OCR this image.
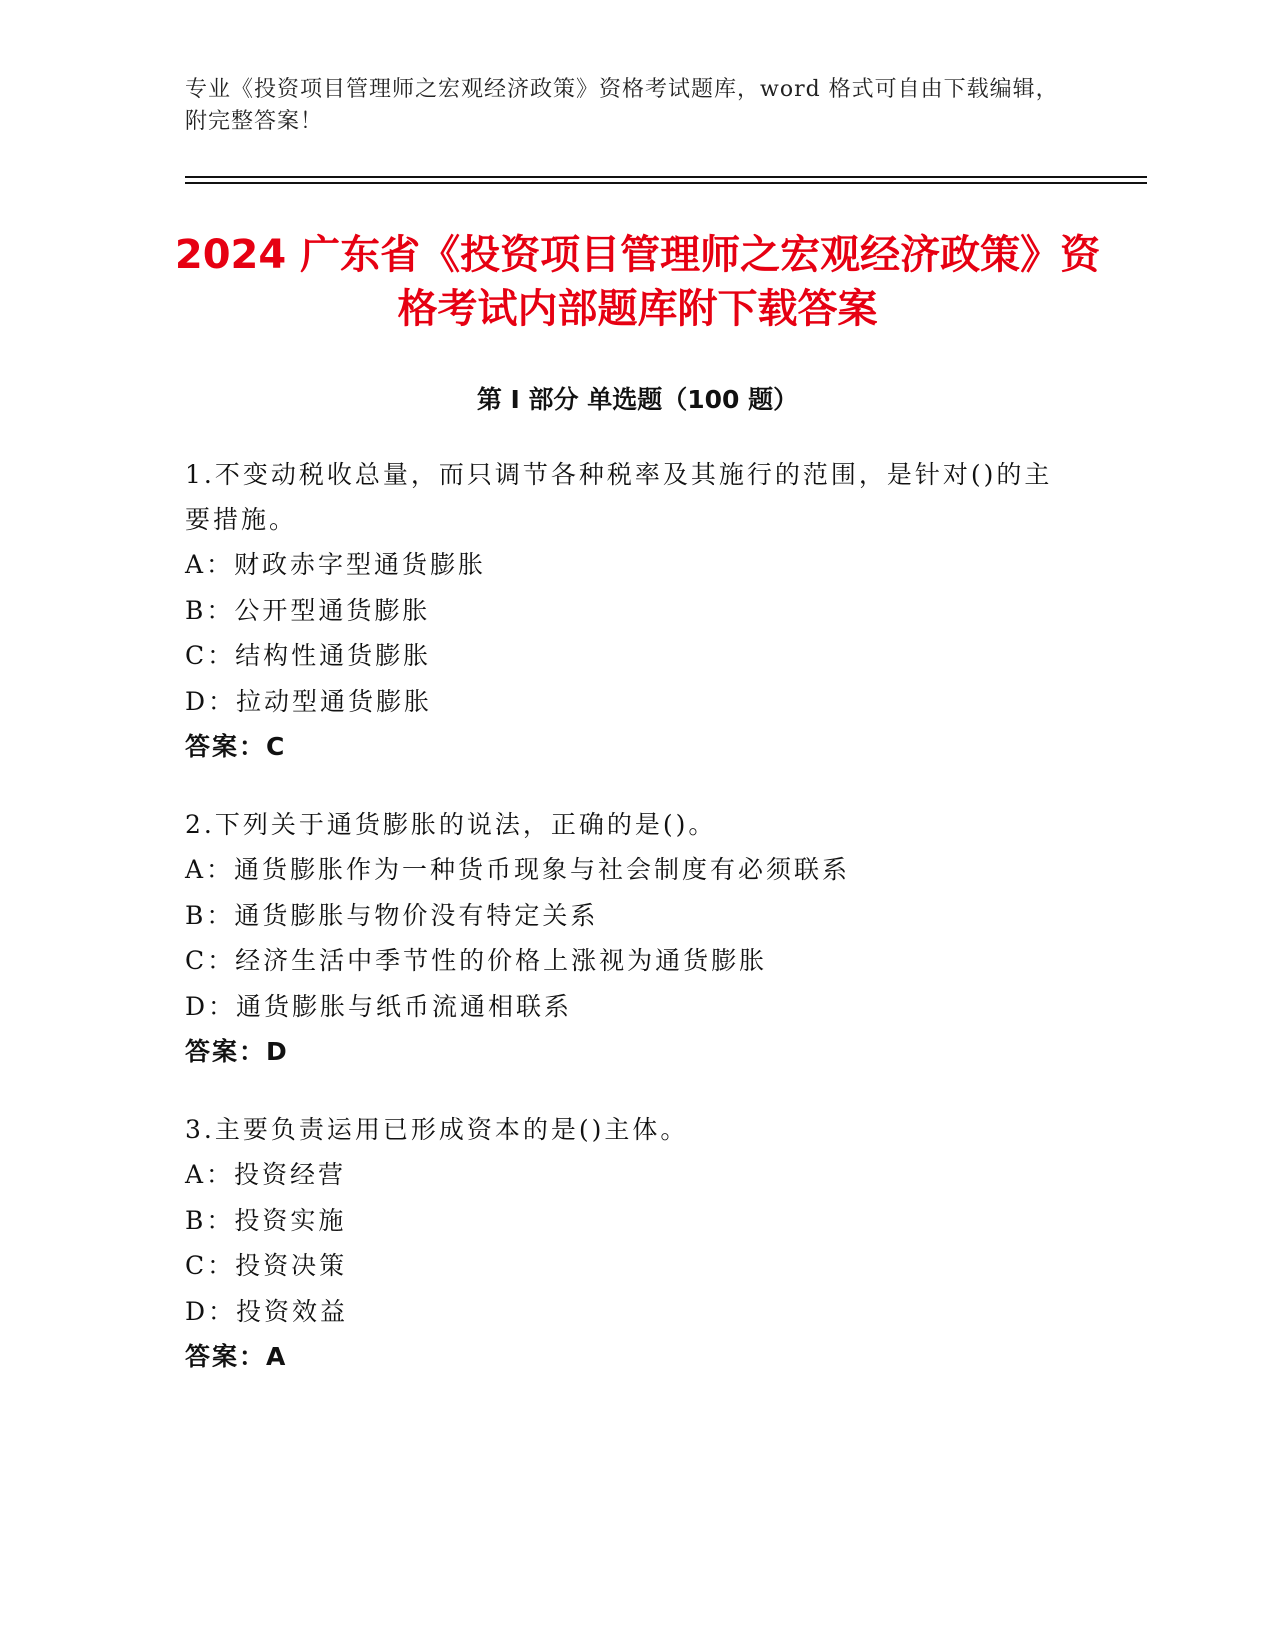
专业《投资项目管理师之宏观经济政策》资格考试题库，word 格式可自由下载编辑，附完整答案！
2024 广东省《投资项目管理师之宏观经济政策》资格考试内部题库附下载答案
第 I 部分 单选题（100 题）
1.不变动税收总量，而只调节各种税率及其施行的范围，是针对()的主要措施。
A：财政赤字型通货膨胀
B：公开型通货膨胀
C：结构性通货膨胀
D：拉动型通货膨胀
答案：C
2.下列关于通货膨胀的说法，正确的是()。
A：通货膨胀作为一种货币现象与社会制度有必须联系
B：通货膨胀与物价没有特定关系
C：经济生活中季节性的价格上涨视为通货膨胀
D：通货膨胀与纸币流通相联系
答案：D
3.主要负责运用已形成资本的是()主体。
A：投资经营
B：投资实施
C：投资决策
D：投资效益
答案：A
